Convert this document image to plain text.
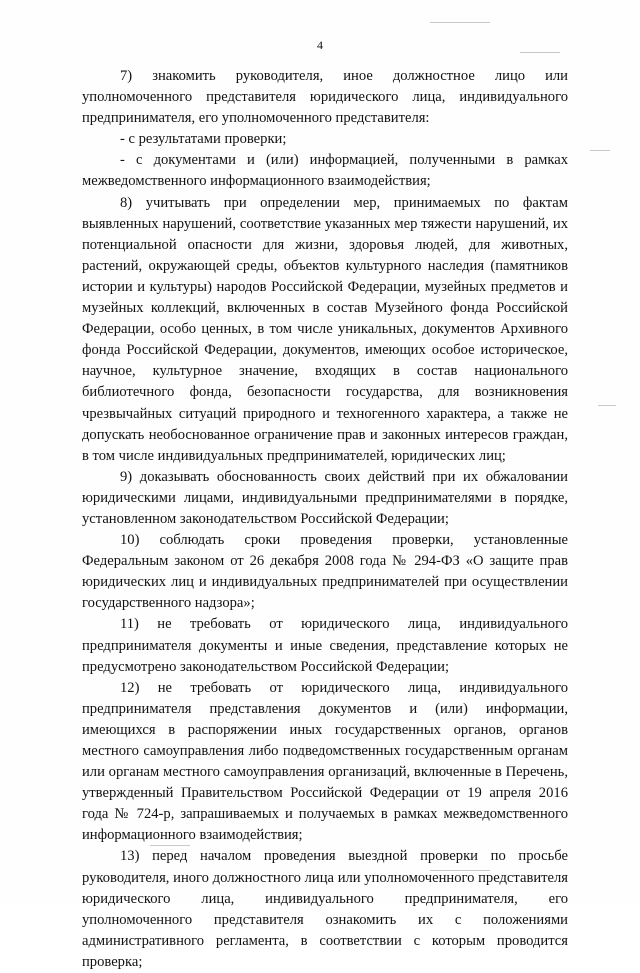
4

7) знакомить руководителя, иное должностное лицо или уполномоченного представителя юридического лица, индивидуального предпринимателя, его уполномоченного представителя:

- с результатами проверки;

- с документами и (или) информацией, полученными в рамках межведомственного информационного взаимодействия;

8) учитывать при определении мер, принимаемых по фактам выявленных нарушений, соответствие указанных мер тяжести нарушений, их потенциальной опасности для жизни, здоровья людей, для животных, растений, окружающей среды, объектов культурного наследия (памятников истории и культуры) народов Российской Федерации, музейных предметов и музейных коллекций, включенных в состав Музейного фонда Российской Федерации, особо ценных, в том числе уникальных, документов Архивного фонда Российской Федерации, документов, имеющих особое историческое, научное, культурное значение, входящих в состав национального библиотечного фонда, безопасности государства, для возникновения чрезвычайных ситуаций природного и техногенного характера, а также не допускать необоснованное ограничение прав и законных интересов граждан, в том числе индивидуальных предпринимателей, юридических лиц;

9) доказывать обоснованность своих действий при их обжаловании юридическими лицами, индивидуальными предпринимателями в порядке, установленном законодательством Российской Федерации;

10) соблюдать сроки проведения проверки, установленные Федеральным законом от 26 декабря 2008 года № 294-ФЗ «О защите прав юридических лиц и индивидуальных предпринимателей при осуществлении государственного надзора»;

11) не требовать от юридического лица, индивидуального предпринимателя документы и иные сведения, представление которых не предусмотрено законодательством Российской Федерации;

12) не требовать от юридического лица, индивидуального предпринимателя представления документов и (или) информации, имеющихся в распоряжении иных государственных органов, органов местного самоуправления либо подведомственных государственным органам или органам местного самоуправления организаций, включенные в Перечень, утвержденный Правительством Российской Федерации от 19 апреля 2016 года № 724-р, запрашиваемых и получаемых в рамках межведомственного информационного взаимодействия;

13) перед началом проведения выездной проверки по просьбе руководителя, иного должностного лица или уполномоченного представителя юридического лица, индивидуального предпринимателя, его уполномоченного представителя ознакомить их с положениями административного регламента, в соответствии с которым проводится проверка;
